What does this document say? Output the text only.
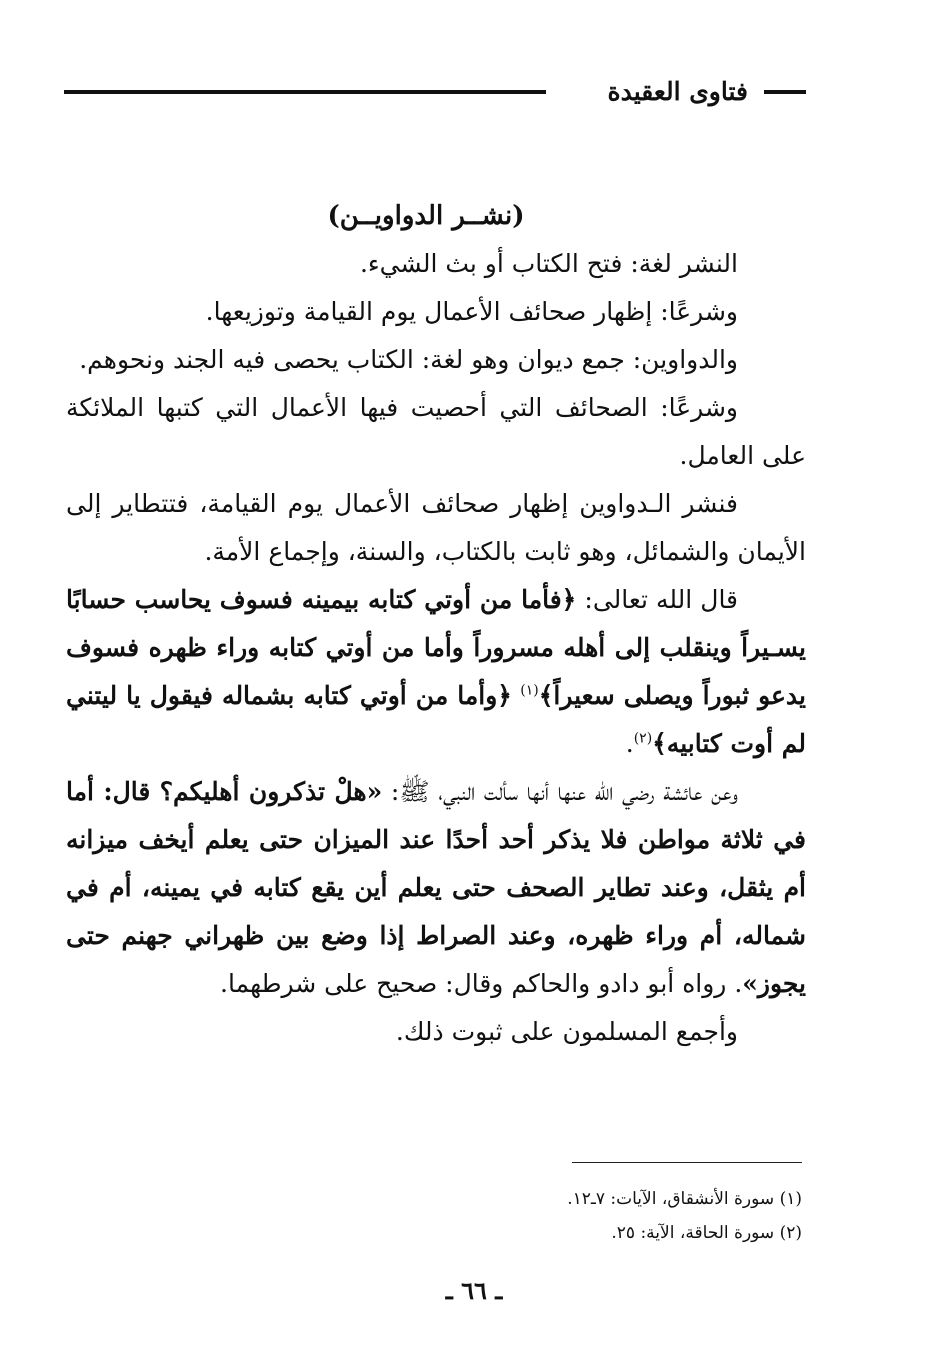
فتاوى العقيدة

(نشــر الدواويــن)

النشر لغة: فتح الكتاب أو بث الشيء.

وشرعًا: إظهار صحائف الأعمال يوم القيامة وتوزيعها.

والدواوين: جمع ديوان وهو لغة: الكتاب يحصى فيه الجند ونحوهم.

وشرعًا: الصحائف التي أحصيت فيها الأعمال التي كتبها الملائكة على العامل.

فنشر الـدواوين إظهار صحائف الأعمال يوم القيامة، فتتطاير إلى الأيمان والشمائل، وهو ثابت بالكتاب، والسنة، وإجماع الأمة.

قال الله تعالى: ﴿فأما من أوتي كتابه بيمينه فسوف يحاسب حسابًا يسـيراً وينقلب إلى أهله مسروراً وأما من أوتي كتابه وراء ظهره فسوف يدعو ثبوراً ويصلى سعيراً﴾$^{(١)}$ ﴿وأما من أوتي كتابه بشماله فيقول يا ليتني لم أوت كتابيه﴾$^{(٢)}$.

وعن عائشة رضي الله عنها أنها سألت النبي، ﷺ: «هلْ تذكرون أهليكم؟ قال: أما في ثلاثة مواطن فلا يذكر أحد أحدًا عند الميزان حتى يعلم أيخف ميزانه أم يثقل، وعند تطاير الصحف حتى يعلم أين يقع كتابه في يمينه، أم في شماله، أم وراء ظهره، وعند الصراط إذا وضع بين ظهراني جهنم حتى يجوز». رواه أبو دادو والحاكم وقال: صحيح على شرطهما.

وأجمع المسلمون على ثبوت ذلك.

(١) سورة الأنشقاق، الآيات: ٧ـ١٢.

(٢) سورة الحاقة، الآية: ٢٥.

ـ ٦٦ ـ
